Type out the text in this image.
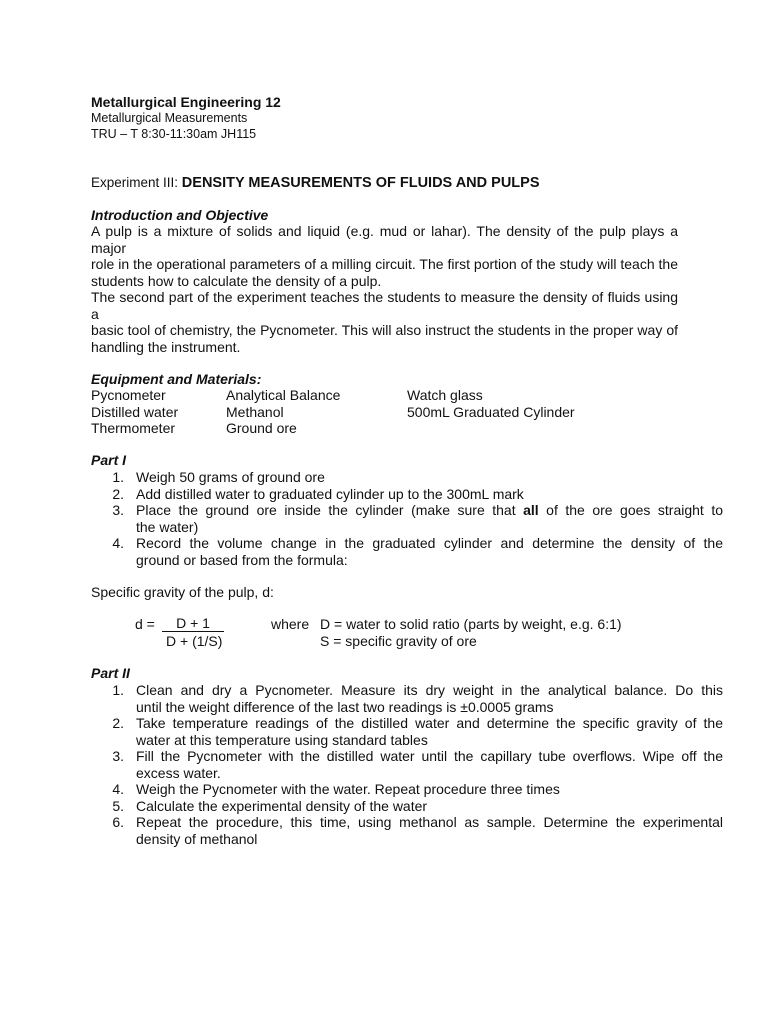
Metallurgical Engineering 12
Metallurgical Measurements
TRU – T 8:30-11:30am JH115
Experiment III: DENSITY MEASUREMENTS OF FLUIDS AND PULPS
Introduction and Objective
A pulp is a mixture of solids and liquid (e.g. mud or lahar). The density of the pulp plays a major
role in the operational parameters of a milling circuit. The first portion of the study will teach the
students how to calculate the density of a pulp.
The second part of the experiment teaches the students to measure the density of fluids using a
basic tool of chemistry, the Pycnometer. This will also instruct the students in the proper way of
handling the instrument.
Equipment and Materials:
Pycnometer
Distilled water
Thermometer
Analytical Balance
Methanol
Ground ore
Watch glass
500mL Graduated Cylinder
Part I
1. Weigh 50 grams of ground ore
2. Add distilled water to graduated cylinder up to the 300mL mark
3. Place the ground ore inside the cylinder (make sure that all of the ore goes straight to
the water)
4. Record the volume change in the graduated cylinder and determine the density of the
ground or based from the formula:
Specific gravity of the pulp, d:
d =	D + 1
D + (1/S)
where D = water to solid ratio (parts by weight, e.g. 6:1)
S = specific gravity of ore
Part II
1. Clean and dry a Pycnometer. Measure its dry weight in the analytical balance. Do this
until the weight difference of the last two readings is ±0.0005 grams
2. Take temperature readings of the distilled water and determine the specific gravity of the
water at this temperature using standard tables
3. Fill the Pycnometer with the distilled water until the capillary tube overflows. Wipe off the
excess water.
4. Weigh the Pycnometer with the water. Repeat procedure three times
5. Calculate the experimental density of the water
6. Repeat the procedure, this time, using methanol as sample. Determine the experimental
density of methanol
